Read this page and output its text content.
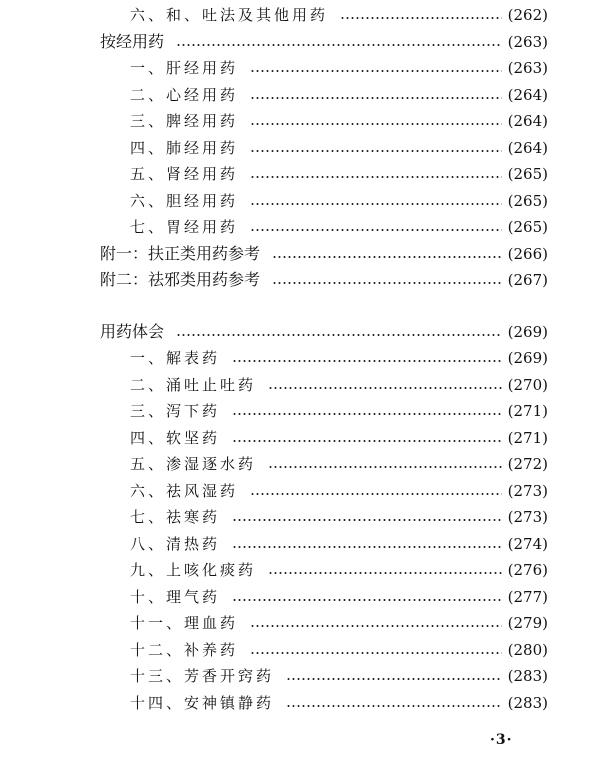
六、和、吐法及其他用药	(262)
按经用药	(263)
一、肝经用药	(263)
二、心经用药	(264)
三、脾经用药	(264)
四、肺经用药	(264)
五、肾经用药	(265)
六、胆经用药	(265)
七、胃经用药	(265)
附一：扶正类用药参考	(266)
附二：祛邪类用药参考	(267)
用药体会	(269)
一、解表药	(269)
二、涌吐止吐药	(270)
三、泻下药	(271)
四、软坚药	(271)
五、渗湿逐水药	(272)
六、祛风湿药	(273)
七、祛寒药	(273)
八、清热药	(274)
九、上咳化痰药	(276)
十、理气药	(277)
十一、理血药	(279)
十二、补养药	(280)
十三、芳香开窍药	(283)
十四、安神镇静药	(283)
·3·
